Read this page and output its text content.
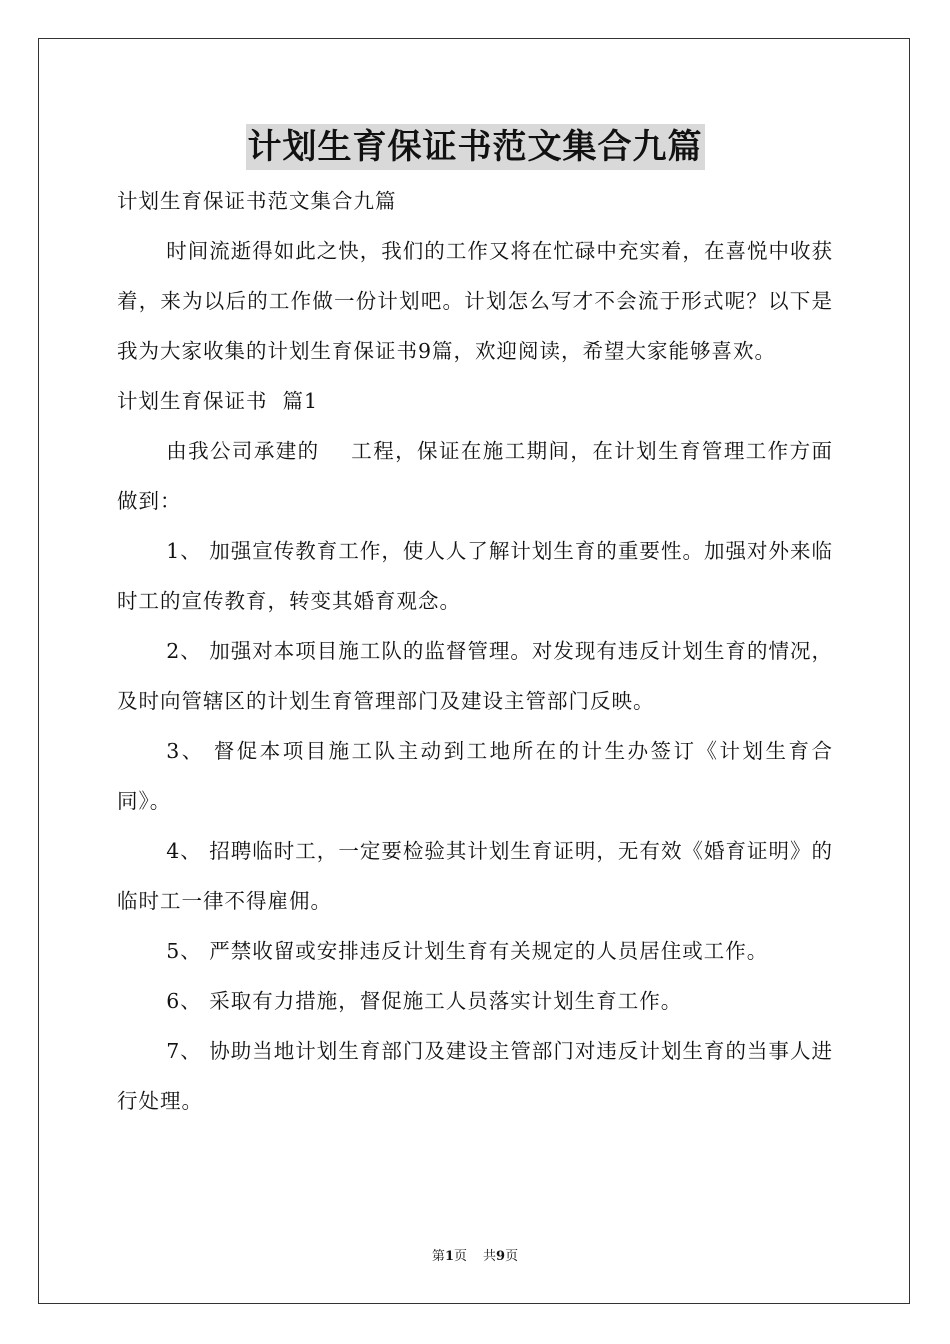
计划生育保证书范文集合九篇

计划生育保证书范文集合九篇

时间流逝得如此之快，我们的工作又将在忙碌中充实着，在喜悦中收获着，来为以后的工作做一份计划吧。计划怎么写才不会流于形式呢？以下是我为大家收集的计划生育保证书9篇，欢迎阅读，希望大家能够喜欢。

计划生育保证书  篇1

由我公司承建的    工程，保证在施工期间，在计划生育管理工作方面做到：

1、 加强宣传教育工作，使人人了解计划生育的重要性。加强对外来临时工的宣传教育，转变其婚育观念。

2、 加强对本项目施工队的监督管理。对发现有违反计划生育的情况，及时向管辖区的计划生育管理部门及建设主管部门反映。

3、 督促本项目施工队主动到工地所在的计生办签订《计划生育合同》。

4、 招聘临时工，一定要检验其计划生育证明，无有效《婚育证明》的临时工一律不得雇佣。

5、 严禁收留或安排违反计划生育有关规定的人员居住或工作。

6、 采取有力措施，督促施工人员落实计划生育工作。

7、 协助当地计划生育部门及建设主管部门对违反计划生育的当事人进行处理。

第1页 共9页
